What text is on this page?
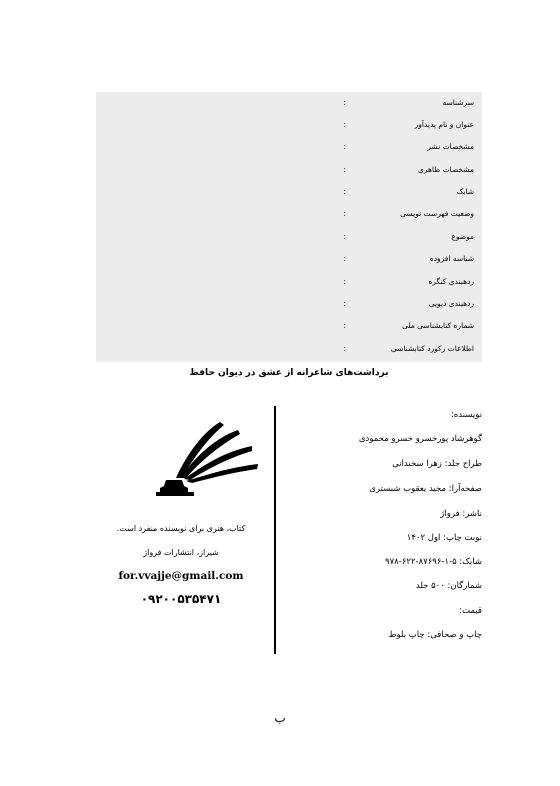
سرشناسه
:
عنوان و نام پدیدآور
:
مشخصات نشر
:
مشخصات ظاهری
:
شابک
:
وضعیت فهرست نویسی
:
موضوع
:
شناسه افزوده
:
ردهبندی کنگره
:
ردهبندی دیویی
:
شماره کتابشناسی ملی
:
اطلاعات رکورد کتابشناسی
:
برداشت‌های شاعرانه از عشق در دیوان حافظ
نویسنده:
گوهرشاد پورخسرو خسرو محمودی
طراح جلد: زهرا سخندانی
صفحه‌آرا: مجید یعقوب شبستری
ناشر: فرواژ
نوبت چاپ: اول ۱۴۰۲
شابک: ۵-۱-۸۷۶۹۶-۶۲۲-۹۷۸
شمارگان: ۵۰۰ جلد
قیمت:
چاپ و صحافی: چاپ بلوط
کتاب، هنری برای نویسنده منفرد است.
شیراز، انتشارات فرواژ
for.vvajje@gmail.com
۰۹۲۰۰۵۳۵۴۷۱
ب
